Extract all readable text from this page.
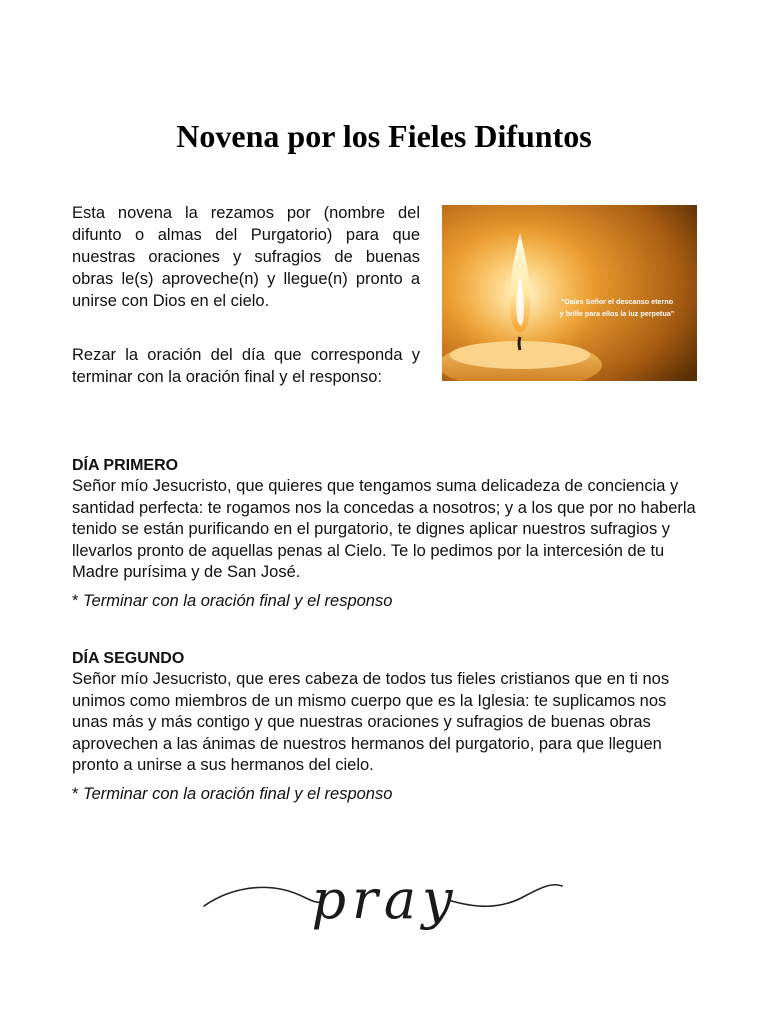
Novena por los Fieles Difuntos

Esta novena la rezamos por (nombre del difunto o almas del Purgatorio) para que nuestras oraciones y sufragios de buenas obras le(s) aproveche(n) y llegue(n) pronto a unirse con Dios en el cielo.

Rezar la oración del día que corresponda y terminar con la oración final y el responso:

“Dales Señor el descanso eterno
y brille para ellos la luz perpetua”
DÍA PRIMERO

Señor mío Jesucristo, que quieres que tengamos suma delicadeza de conciencia y santidad perfecta: te rogamos nos la concedas a nosotros; y a los que por no haberla tenido se están purificando en el purgatorio, te dignes aplicar nuestros sufragios y llevarlos pronto de aquellas penas al Cielo. Te lo pedimos por la intercesión de tu Madre purísima y de San José.

* Terminar con la oración final y el responso

DÍA SEGUNDO

Señor mío Jesucristo, que eres cabeza de todos tus fieles cristianos que en ti nos unimos como miembros de un mismo cuerpo que es la Iglesia: te suplicamos nos unas más y más contigo y que nuestras oraciones y sufragios de buenas obras aprovechen a las ánimas de nuestros hermanos del purgatorio, para que lleguen pronto a unirse a sus hermanos del cielo.

* Terminar con la oración final y el responso

pray
